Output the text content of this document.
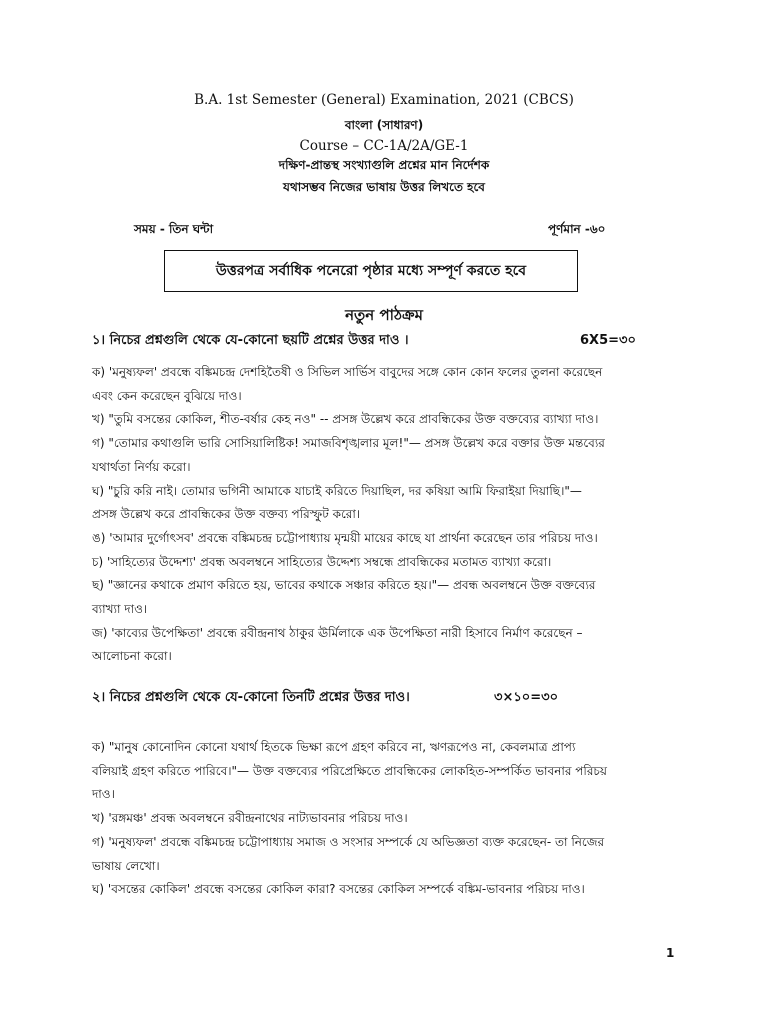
B.A. 1st Semester (General) Examination, 2021 (CBCS)
বাংলা (সাধারণ)
Course – CC-1A/2A/GE-1
দক্ষিণ-প্রান্তস্থ সংখ্যাগুলি প্রশ্নের মান নির্দেশক
যথাসম্ভব নিজের ভাষায় উত্তর লিখতে হবে
সময় - তিন ঘন্টা	পূর্ণমান -৬০
উত্তরপত্র সর্বাধিক পনেরো পৃষ্ঠার মধ্যে সম্পূর্ণ করতে হবে
নতুন পাঠক্রম
১। নিচের প্রশ্নগুলি থেকে যে-কোনো ছয়টি প্রশ্নের উত্তর দাও ।	6X5=৩০
ক) 'মনুষ্যফল' প্রবন্ধে বঙ্কিমচন্দ্র দেশহিতৈষী ও সিভিল সার্ভিস বাবুদের সঙ্গে কোন কোন ফলের তুলনা করেছেন
এবং কেন করেছেন বুঝিয়ে দাও।
খ) "তুমি বসন্তের কোকিল, শীত-বর্ষার কেহ নও" -- প্রসঙ্গ উল্লেখ করে প্রাবন্ধিকের উক্ত বক্তব্যের ব্যাখ্যা দাও।
গ) "তোমার কথাগুলি ভারি সোসিয়ালিষ্টিক! সমাজবিশৃঙ্খলার মূল!"— প্রসঙ্গ উল্লেখ করে বক্তার উক্ত মন্তব্যের
যথার্থতা নির্ণয় করো।
ঘ) "চুরি করি নাই। তোমার ভগিনী আমাকে যাচাই করিতে দিয়াছিল, দর কষিয়া আমি ফিরাইয়া দিয়াছি।"—
প্রসঙ্গ উল্লেখ করে প্রাবন্ধিকের উক্ত বক্তব্য পরিস্ফুট করো।
ঙ) 'আমার দুর্গোৎসব' প্রবন্ধে বঙ্কিমচন্দ্র চট্টোপাধ্যায় মৃন্ময়ী মায়ের কাছে যা প্রার্থনা করেছেন তার পরিচয় দাও।
চ) 'সাহিত্যের উদ্দেশ্য' প্রবন্ধ অবলম্বনে সাহিত্যের উদ্দেশ্য সম্বন্ধে প্রাবন্ধিকের মতামত ব্যাখ্যা করো।
ছ) "জ্ঞানের কথাকে প্রমাণ করিতে হয়, ভাবের কথাকে সঞ্চার করিতে হয়।"— প্রবন্ধ অবলম্বনে উক্ত বক্তব্যের
ব্যাখ্যা দাও।
জ) 'কাব্যের উপেক্ষিতা' প্রবন্ধে রবীন্দ্রনাথ ঠাকুর ঊর্মিলাকে এক উপেক্ষিতা নারী হিসাবে নির্মাণ করেছেন –
আলোচনা করো।
২। নিচের প্রশ্নগুলি থেকে যে-কোনো তিনটি প্রশ্নের উত্তর দাও।	৩×১০=৩০
ক) "মানুষ কোনোদিন কোনো যথার্থ হিতকে ভিক্ষা রূপে গ্রহণ করিবে না, ঋণরূপেও না, কেবলমাত্র প্রাপ্য
বলিয়াই গ্রহণ করিতে পারিবে।"— উক্ত বক্তব্যের পরিপ্রেক্ষিতে প্রাবন্ধিকের লোকহিত-সম্পর্কিত ভাবনার পরিচয়
দাও।
খ) 'রঙ্গমঞ্চ' প্রবন্ধ অবলম্বনে রবীন্দ্রনাথের নাট্যভাবনার পরিচয় দাও।
গ) 'মনুষ্যফল' প্রবন্ধে বঙ্কিমচন্দ্র চট্টোপাধ্যায় সমাজ ও সংসার সম্পর্কে যে অভিজ্ঞতা ব্যক্ত করেছেন- তা নিজের
ভাষায় লেখো।
ঘ) 'বসন্তের কোকিল' প্রবন্ধে বসন্তের কোকিল কারা? বসন্তের কোকিল সম্পর্কে বঙ্কিম-ভাবনার পরিচয় দাও।
1
